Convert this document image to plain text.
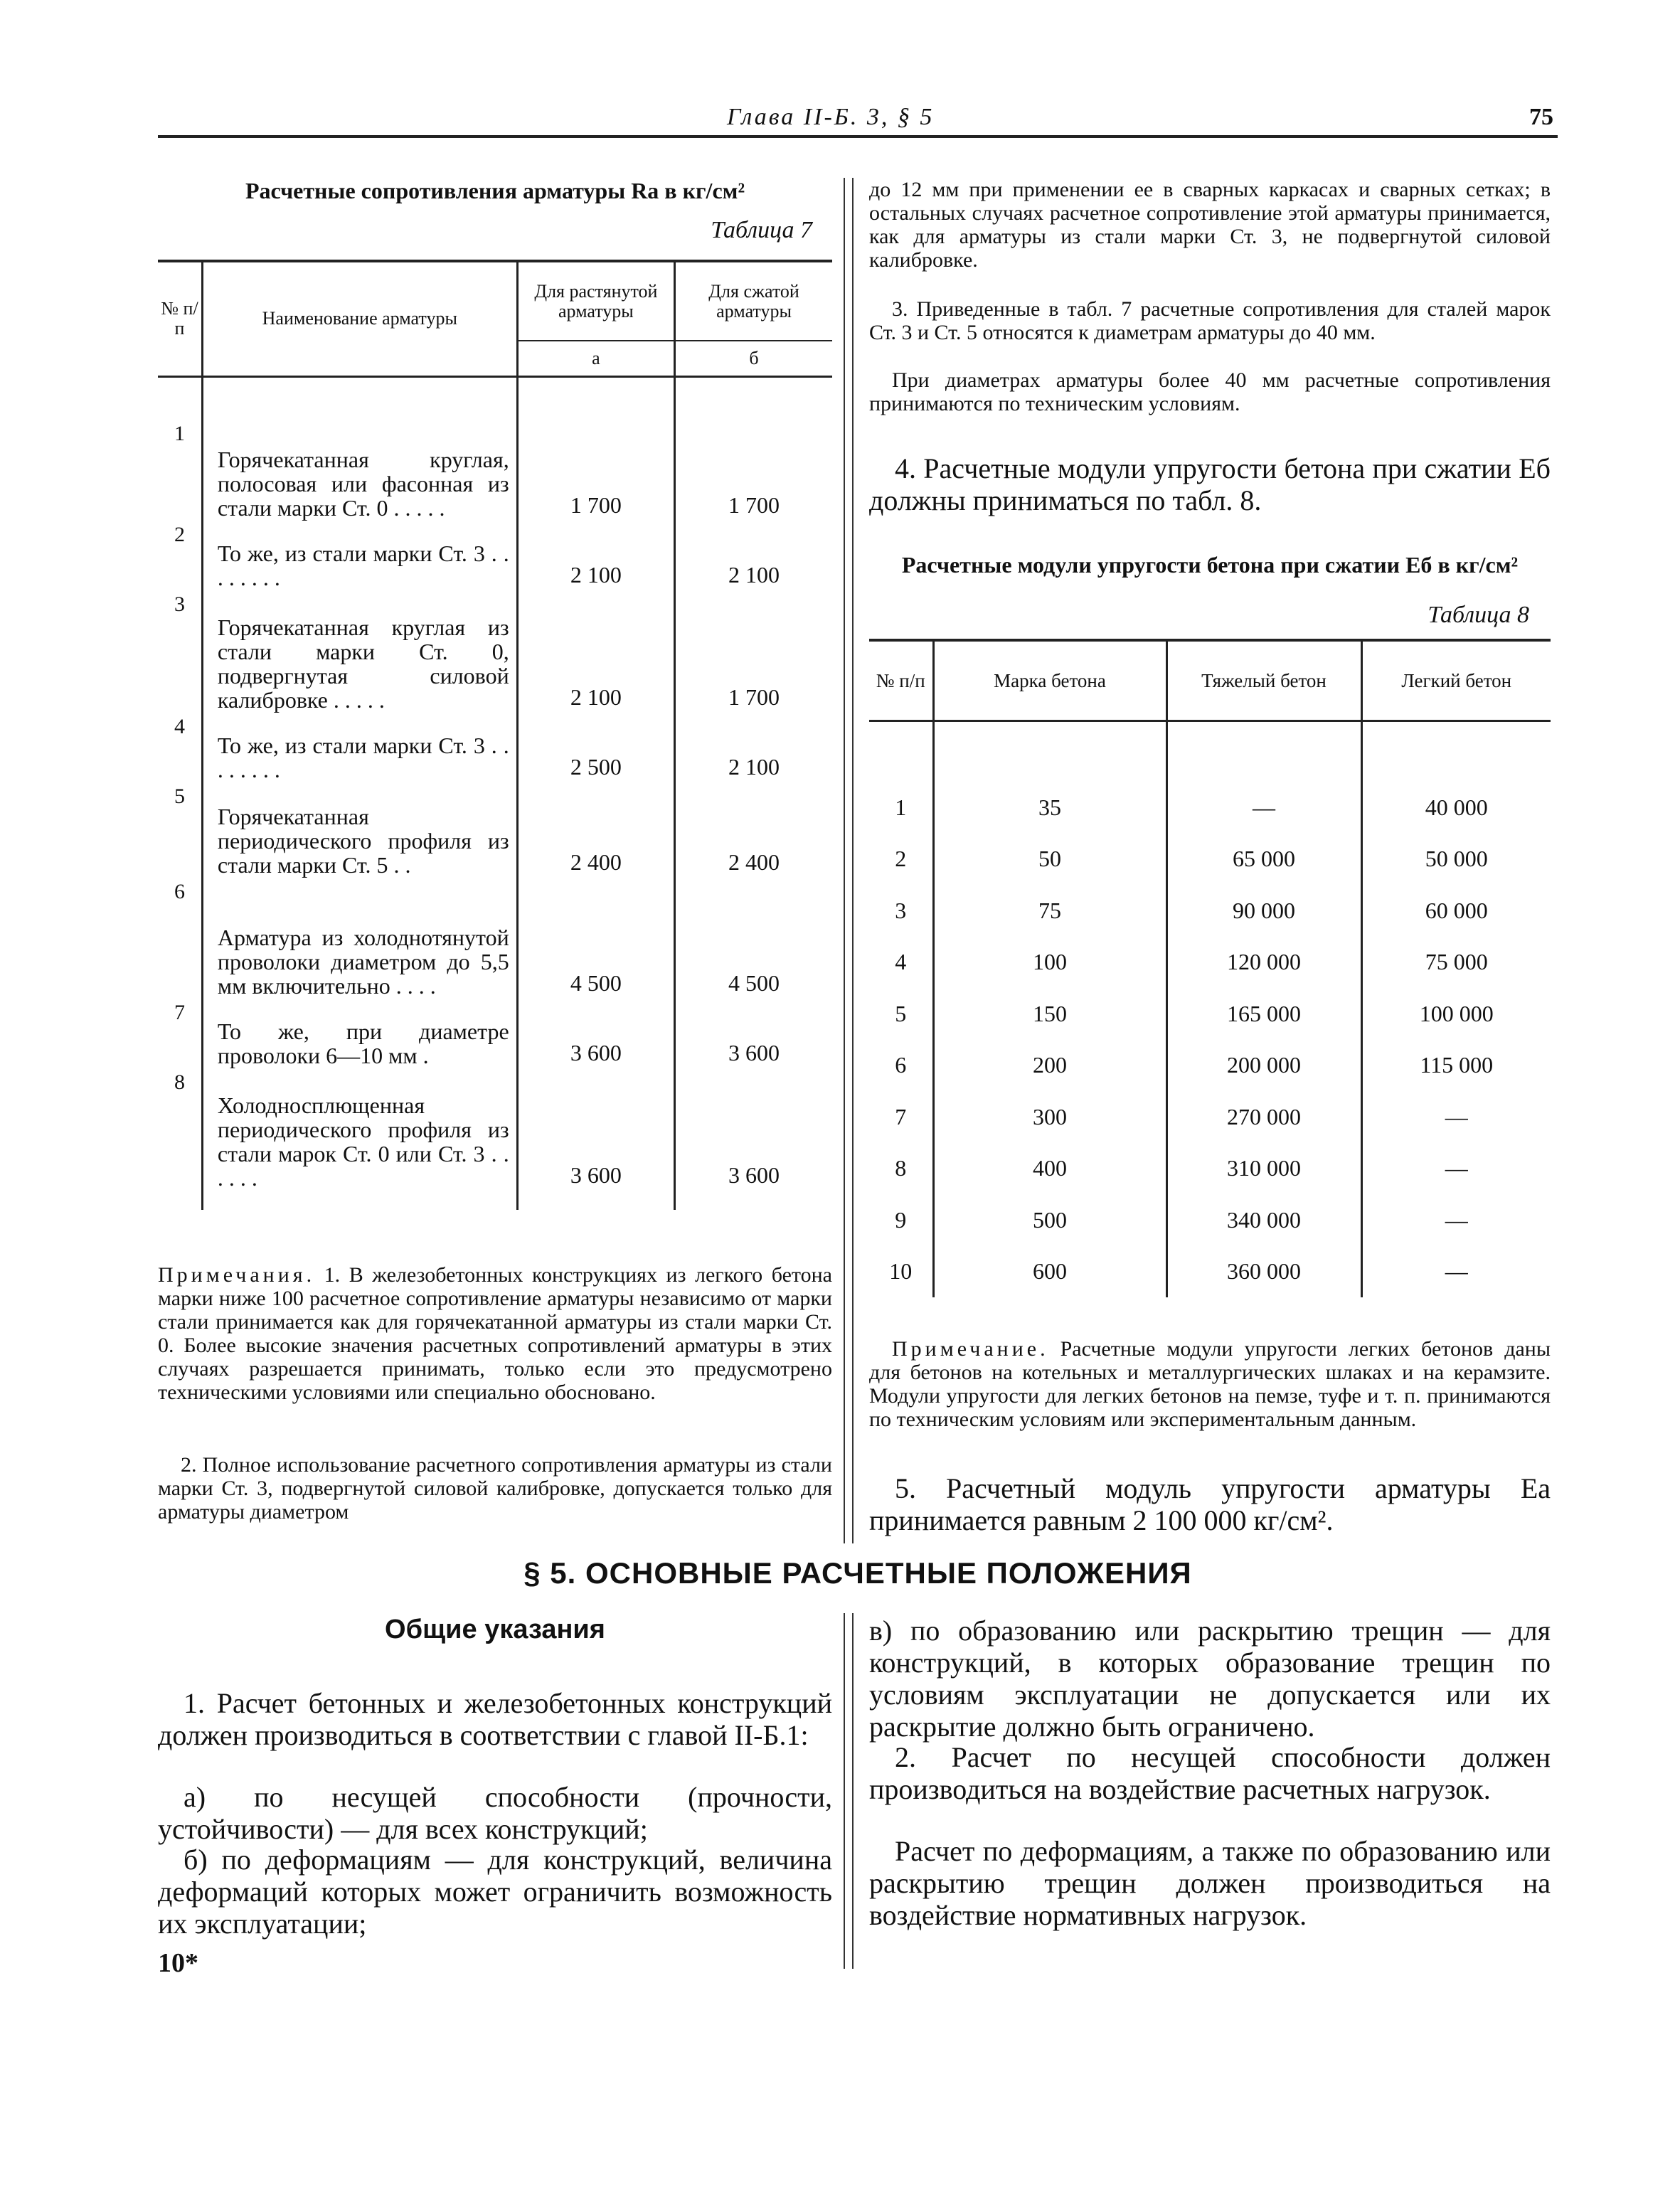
Глава II-Б. 3, § 5	75
Расчетные сопротивления арматуры Ra в кг/см²
Таблица 7
№ п/п	Наименование арматуры	Для растянутой арматуры	Для сжатой арматуры
		а	б

1	Горячекатанная круглая, полосовая или фасонная из стали марки Ст. 0 . . . . .	1 700	1 700
2	То же, из стали марки Ст. 3 . . . . . . . .	2 100	2 100
3	Горячекатанная круглая из стали марки Ст. 0, подвергнутая силовой калибровке . . . . .	2 100	1 700
4	То же, из стали марки Ст. 3 . . . . . . . .	2 500	2 100
5	Горячекатанная периодического профиля из стали марки Ст. 5 . .	2 400	2 400
6	Арматура из холоднотянутой проволоки диаметром до 5,5 мм включительно . . . .	4 500	4 500
7	То же, при диаметре проволоки 6—10 мм .	3 600	3 600
8	Холодносплющенная периодического профиля из стали марок Ст. 0 или Ст. 3 . . . . . .	3 600	3 600

Примечания. 1. В железобетонных конструкциях из легкого бетона марки ниже 100 расчетное сопротивление арматуры независимо от марки стали принимается как для горячекатанной арматуры из стали марки Ст. 0. Более высокие значения расчетных сопротивлений арматуры в этих случаях разрешается принимать, только если это предусмотрено техническими условиями или специально обосновано.
2. Полное использование расчетного сопротивления арматуры из стали марки Ст. 3, подвергнутой силовой калибровке, допускается только для арматуры диаметром
до 12 мм при применении ее в сварных каркасах и сварных сетках; в остальных случаях расчетное сопротивление этой арматуры принимается, как для арматуры из стали марки Ст. 3, не подвергнутой силовой калибровке.
3. Приведенные в табл. 7 расчетные сопротивления для сталей марок Ст. 3 и Ст. 5 относятся к диаметрам арматуры до 40 мм.
При диаметрах арматуры более 40 мм расчетные сопротивления принимаются по техническим условиям.
4. Расчетные модули упругости бетона при сжатии Еб должны приниматься по табл. 8.
Расчетные модули упругости бетона при сжатии Еб в кг/см²
Таблица 8
№ п/п	Марка бетона	Тяжелый бетон	Легкий бетон

1	35	—	40 000
2	50	65 000	50 000
3	75	90 000	60 000
4	100	120 000	75 000
5	150	165 000	100 000
6	200	200 000	115 000
7	300	270 000	—
8	400	310 000	—
9	500	340 000	—
10	600	360 000	—
Примечание. Расчетные модули упругости легких бетонов даны для бетонов на котельных и металлургических шлаках и на керамзите. Модули упругости для легких бетонов на пемзе, туфе и т. п. принимаются по техническим условиям или экспериментальным данным.
5. Расчетный модуль упругости арматуры Еа принимается равным 2 100 000 кг/см².
§ 5. ОСНОВНЫЕ РАСЧЕТНЫЕ ПОЛОЖЕНИЯ
Общие указания
1. Расчет бетонных и железобетонных конструкций должен производиться в соответствии с главой II-Б.1:
а) по несущей способности (прочности, устойчивости) — для всех конструкций;
б) по деформациям — для конструкций, величина деформаций которых может ограничить возможность их эксплуатации;
в) по образованию или раскрытию трещин — для конструкций, в которых образование трещин по условиям эксплуатации не допускается или их раскрытие должно быть ограничено.
2. Расчет по несущей способности должен производиться на воздействие расчетных нагрузок.
Расчет по деформациям, а также по образованию или раскрытию трещин должен производиться на воздействие нормативных нагрузок.
10*
